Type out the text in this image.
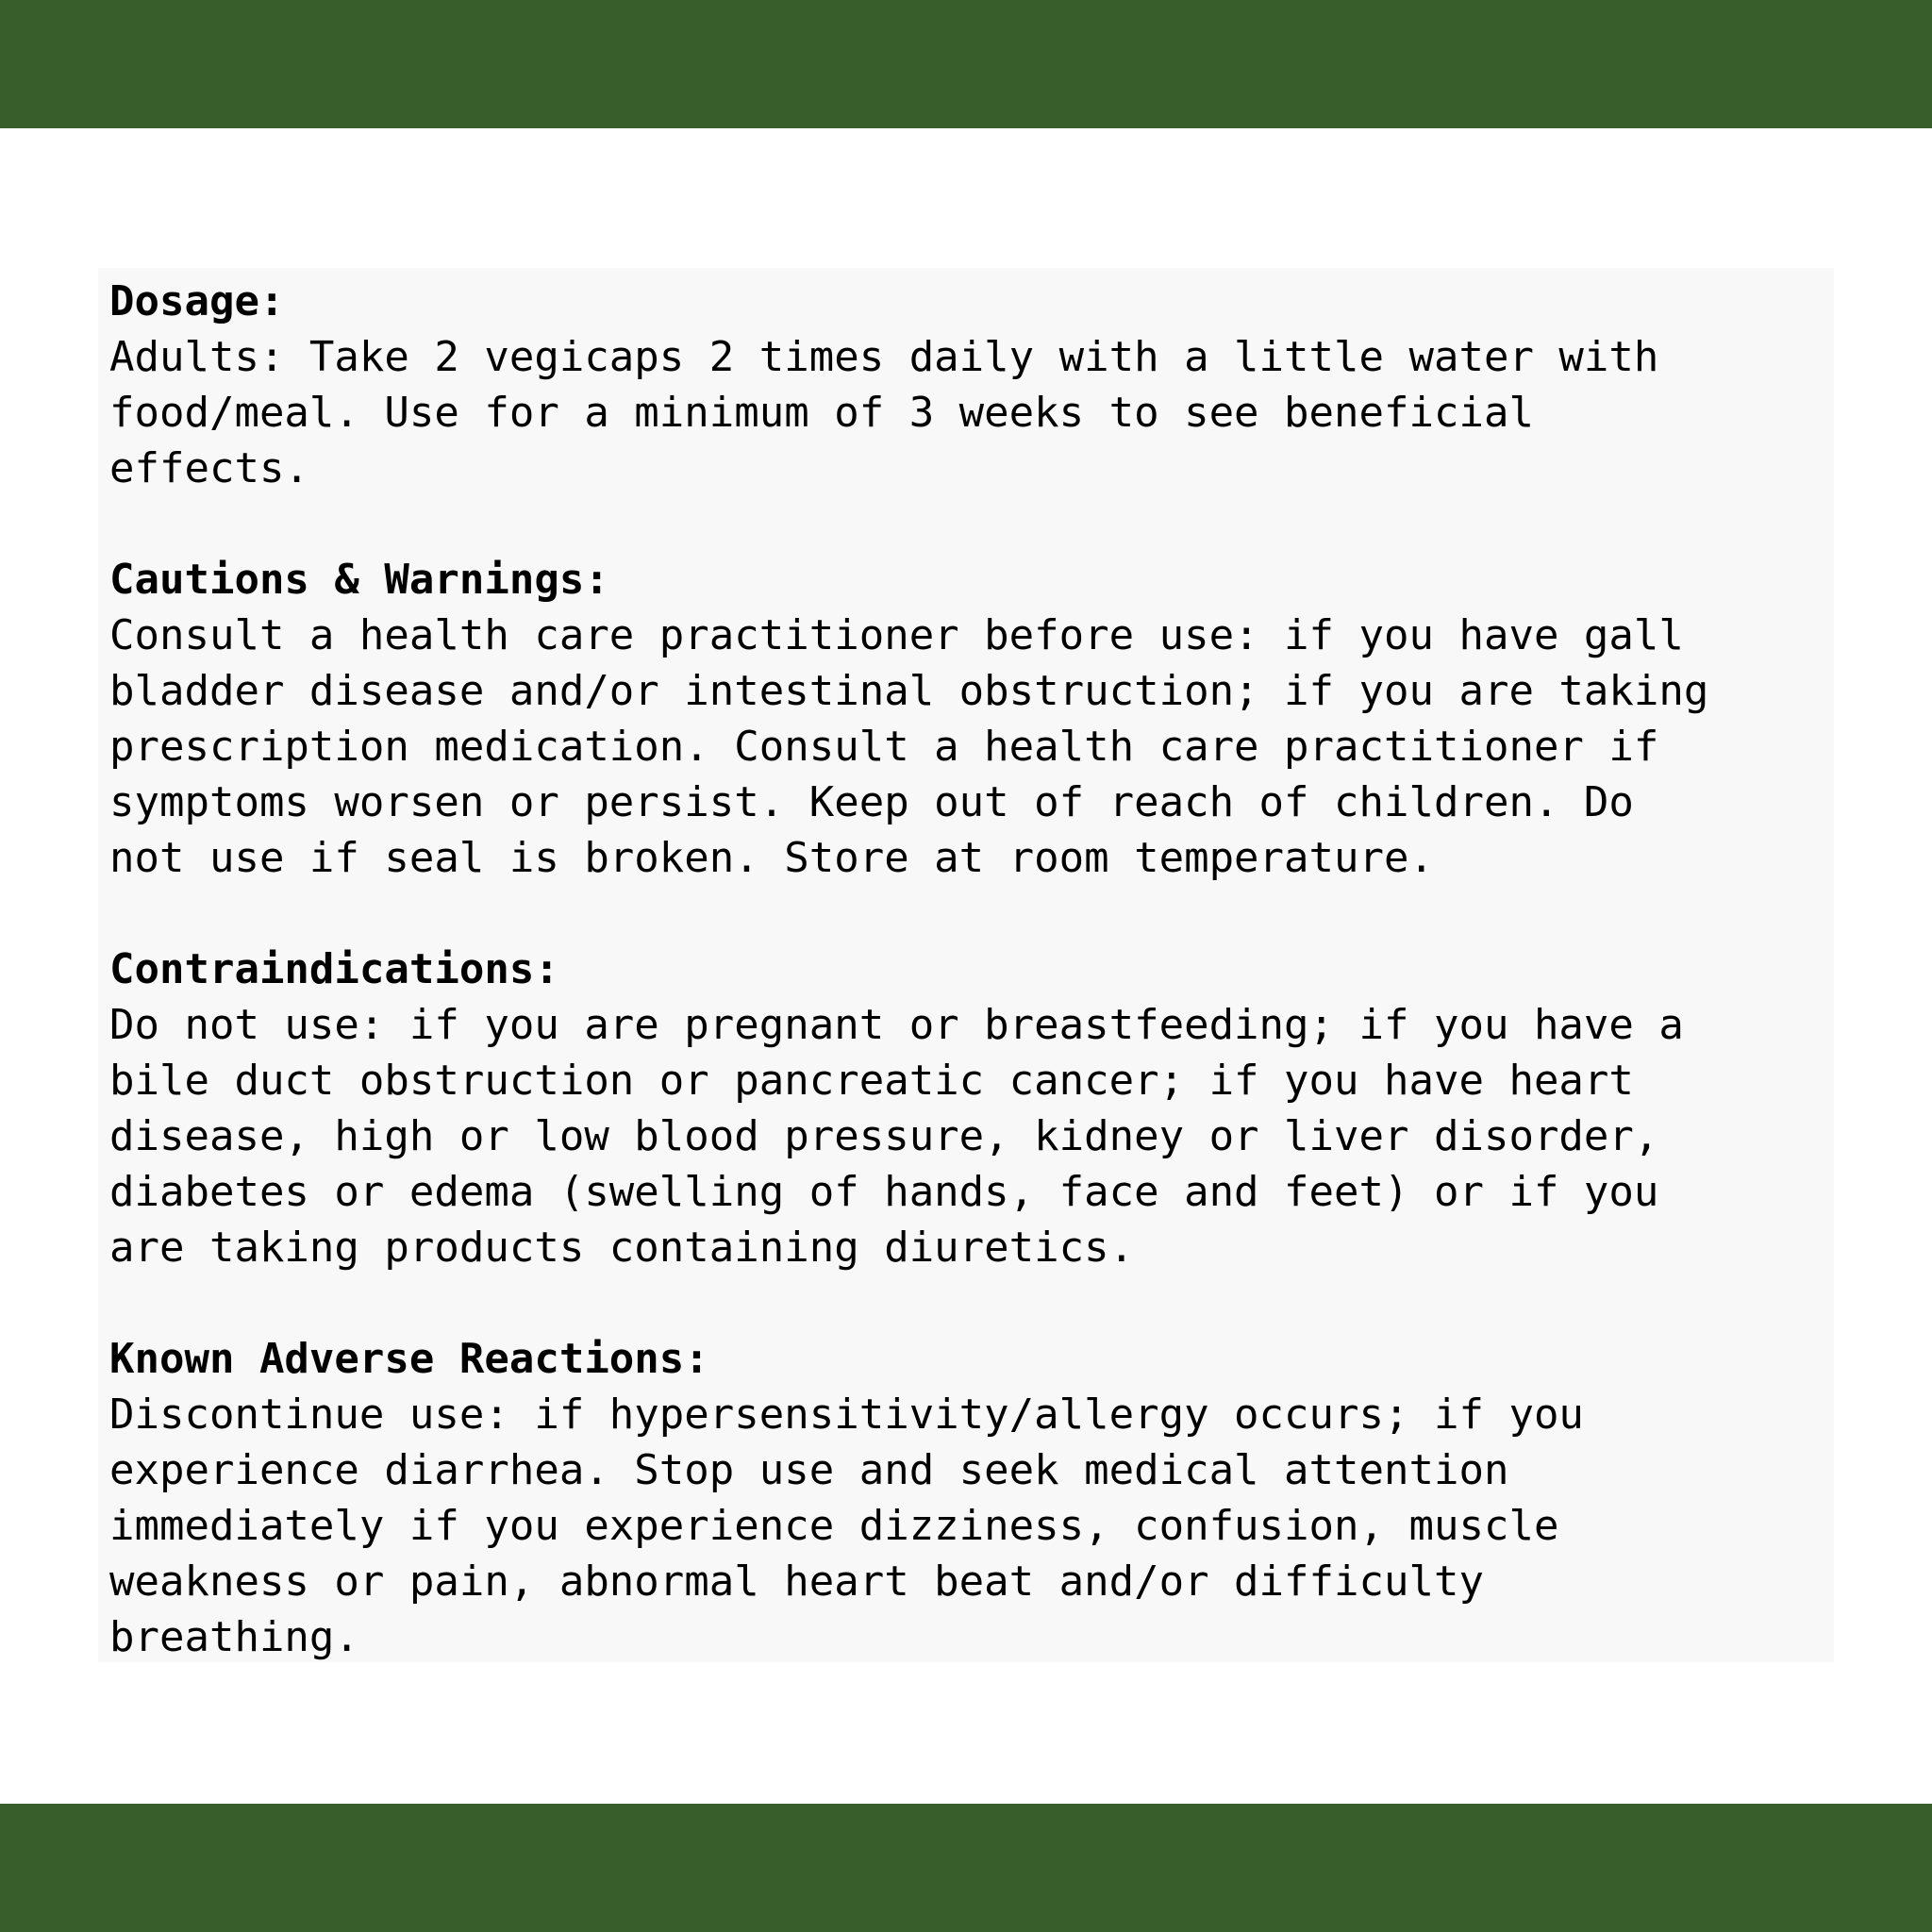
Dosage:
Adults: Take 2 vegicaps 2 times daily with a little water with
food/meal. Use for a minimum of 3 weeks to see beneficial
effects.
Cautions & Warnings:
Consult a health care practitioner before use: if you have gall
bladder disease and/or intestinal obstruction; if you are taking
prescription medication. Consult a health care practitioner if
symptoms worsen or persist. Keep out of reach of children. Do
not use if seal is broken. Store at room temperature.
Contraindications:
Do not use: if you are pregnant or breastfeeding; if you have a
bile duct obstruction or pancreatic cancer; if you have heart
disease, high or low blood pressure, kidney or liver disorder,
diabetes or edema (swelling of hands, face and feet) or if you
are taking products containing diuretics.
Known Adverse Reactions:
Discontinue use: if hypersensitivity/allergy occurs; if you
experience diarrhea. Stop use and seek medical attention
immediately if you experience dizziness, confusion, muscle
weakness or pain, abnormal heart beat and/or difficulty
breathing.
